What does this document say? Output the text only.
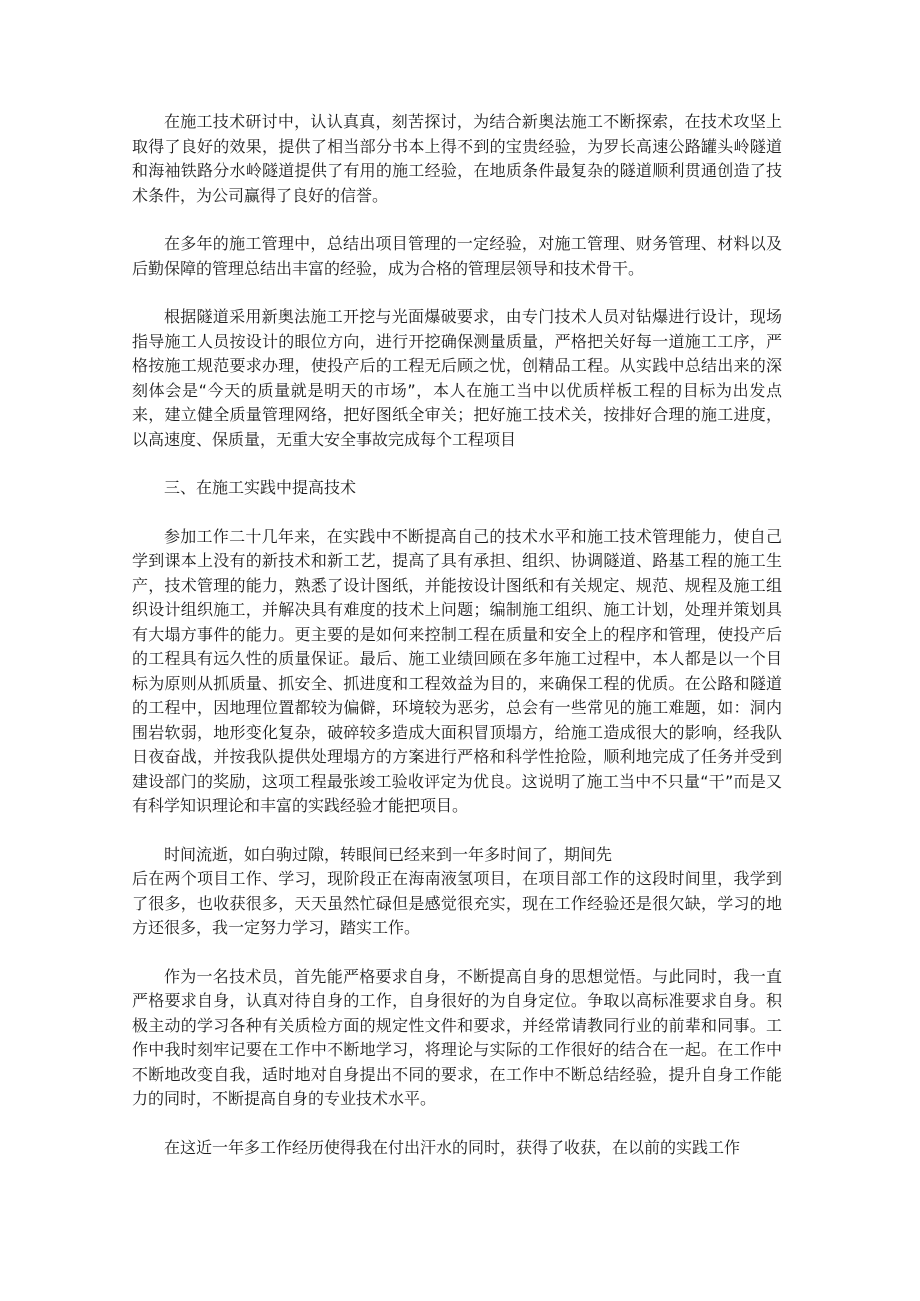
在施工技术研讨中，认认真真，刻苦探讨，为结合新奥法施工不断探索，在技术攻坚上取得了良好的效果，提供了相当部分书本上得不到的宝贵经验，为罗长高速公路罐头岭隧道和海袖铁路分水岭隧道提供了有用的施工经验，在地质条件最复杂的隧道顺利贯通创造了技术条件，为公司赢得了良好的信誉。

在多年的施工管理中，总结出项目管理的一定经验，对施工管理、财务管理、材料以及后勤保障的管理总结出丰富的经验，成为合格的管理层领导和技术骨干。

根据隧道采用新奥法施工开挖与光面爆破要求，由专门技术人员对钻爆进行设计，现场指导施工人员按设计的眼位方向，进行开挖确保测量质量，严格把关好每一道施工工序，严格按施工规范要求办理，使投产后的工程无后顾之忧，创精品工程。从实践中总结出来的深刻体会是“今天的质量就是明天的市场”，本人在施工当中以优质样板工程的目标为出发点来，建立健全质量管理网络，把好图纸全审关；把好施工技术关，按排好合理的施工进度，以高速度、保质量，无重大安全事故完成每个工程项目

三、在施工实践中提高技术

参加工作二十几年来，在实践中不断提高自己的技术水平和施工技术管理能力，使自己学到课本上没有的新技术和新工艺，提高了具有承担、组织、协调隧道、路基工程的施工生产，技术管理的能力，熟悉了设计图纸，并能按设计图纸和有关规定、规范、规程及施工组织设计组织施工，并解决具有难度的技术上问题；编制施工组织、施工计划，处理并策划具有大塌方事件的能力。更主要的是如何来控制工程在质量和安全上的程序和管理，使投产后的工程具有远久性的质量保证。最后、施工业绩回顾在多年施工过程中，本人都是以一个目标为原则从抓质量、抓安全、抓进度和工程效益为目的，来确保工程的优质。在公路和隧道的工程中，因地理位置都较为偏僻，环境较为恶劣，总会有一些常见的施工难题，如：洞内围岩软弱，地形变化复杂，破碎较多造成大面积冒顶塌方，给施工造成很大的影响，经我队日夜奋战，并按我队提供处理塌方的方案进行严格和科学性抢险，顺利地完成了任务并受到建设部门的奖励，这项工程最张竣工验收评定为优良。这说明了施工当中不只量“干”而是又有科学知识理论和丰富的实践经验才能把项目。

时间流逝，如白驹过隙，转眼间已经来到一年多时间了，期间先
后在两个项目工作、学习，现阶段正在海南液氢项目，在项目部工作的这段时间里，我学到了很多，也收获很多，天天虽然忙碌但是感觉很充实，现在工作经验还是很欠缺，学习的地方还很多，我一定努力学习，踏实工作。

作为一名技术员，首先能严格要求自身，不断提高自身的思想觉悟。与此同时，我一直严格要求自身，认真对待自身的工作，自身很好的为自身定位。争取以高标准要求自身。积极主动的学习各种有关质检方面的规定性文件和要求，并经常请教同行业的前辈和同事。工作中我时刻牢记要在工作中不断地学习，将理论与实际的工作很好的结合在一起。在工作中不断地改变自我，适时地对自身提出不同的要求，在工作中不断总结经验，提升自身工作能力的同时，不断提高自身的专业技术水平。

在这近一年多工作经历使得我在付出汗水的同时，获得了收获，在以前的实践工作
